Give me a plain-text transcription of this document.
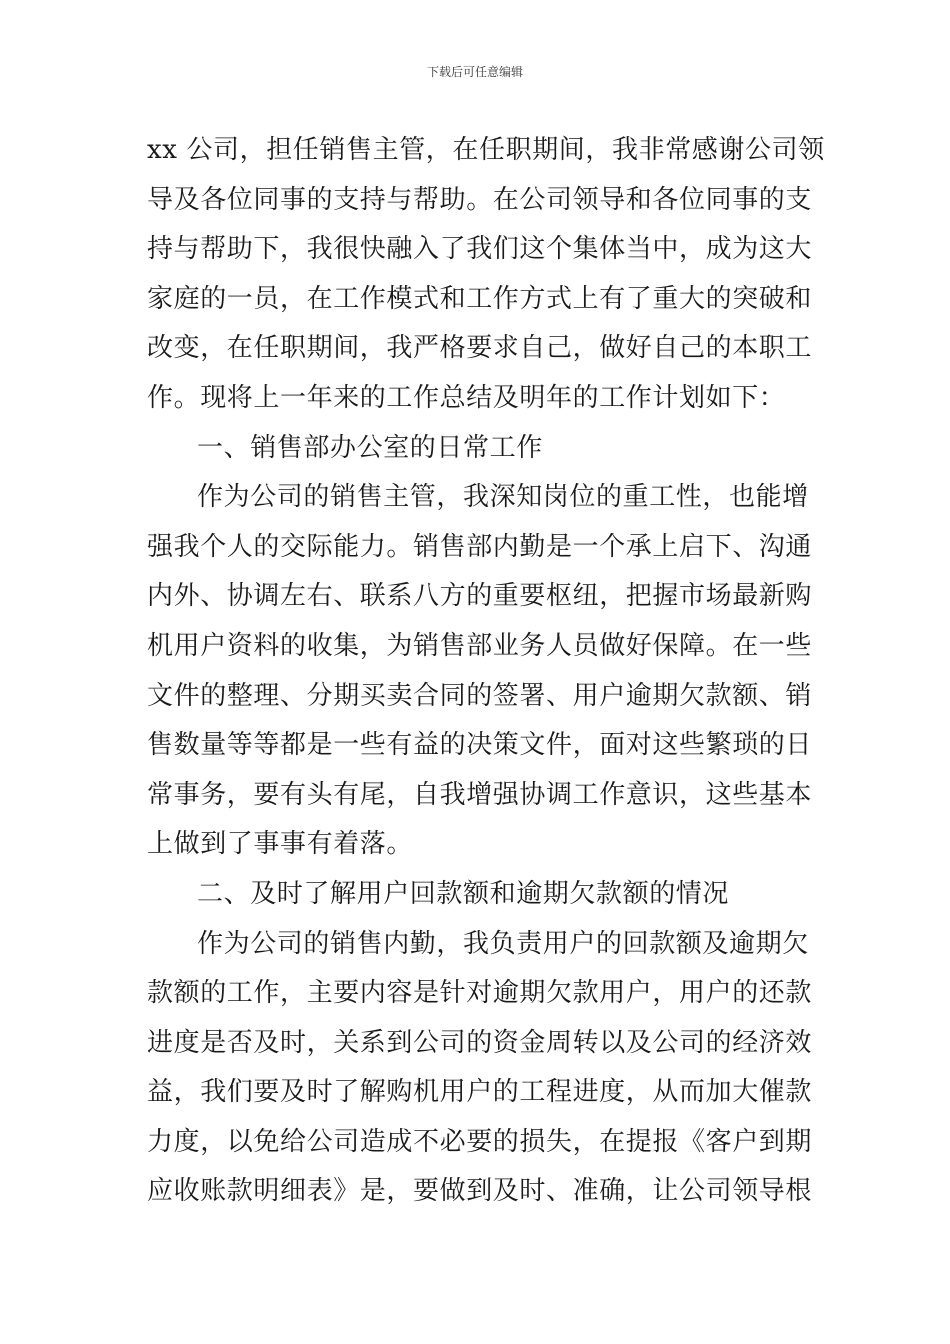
下载后可任意编辑

xx 公司，担任销售主管，在任职期间，我非常感谢公司领
导及各位同事的支持与帮助。在公司领导和各位同事的支
持与帮助下，我很快融入了我们这个集体当中，成为这大
家庭的一员，在工作模式和工作方式上有了重大的突破和
改变，在任职期间，我严格要求自己，做好自己的本职工
作。现将上一年来的工作总结及明年的工作计划如下：

一、销售部办公室的日常工作

作为公司的销售主管，我深知岗位的重工性，也能增
强我个人的交际能力。销售部内勤是一个承上启下、沟通
内外、协调左右、联系八方的重要枢纽，把握市场最新购
机用户资料的收集，为销售部业务人员做好保障。在一些
文件的整理、分期买卖合同的签署、用户逾期欠款额、销
售数量等等都是一些有益的决策文件，面对这些繁琐的日
常事务，要有头有尾，自我增强协调工作意识，这些基本
上做到了事事有着落。

二、及时了解用户回款额和逾期欠款额的情况

作为公司的销售内勤，我负责用户的回款额及逾期欠
款额的工作，主要内容是针对逾期欠款用户，用户的还款
进度是否及时，关系到公司的资金周转以及公司的经济效
益，我们要及时了解购机用户的工程进度，从而加大催款
力度，以免给公司造成不必要的损失，在提报《客户到期
应收账款明细表》是，要做到及时、准确，让公司领导根
